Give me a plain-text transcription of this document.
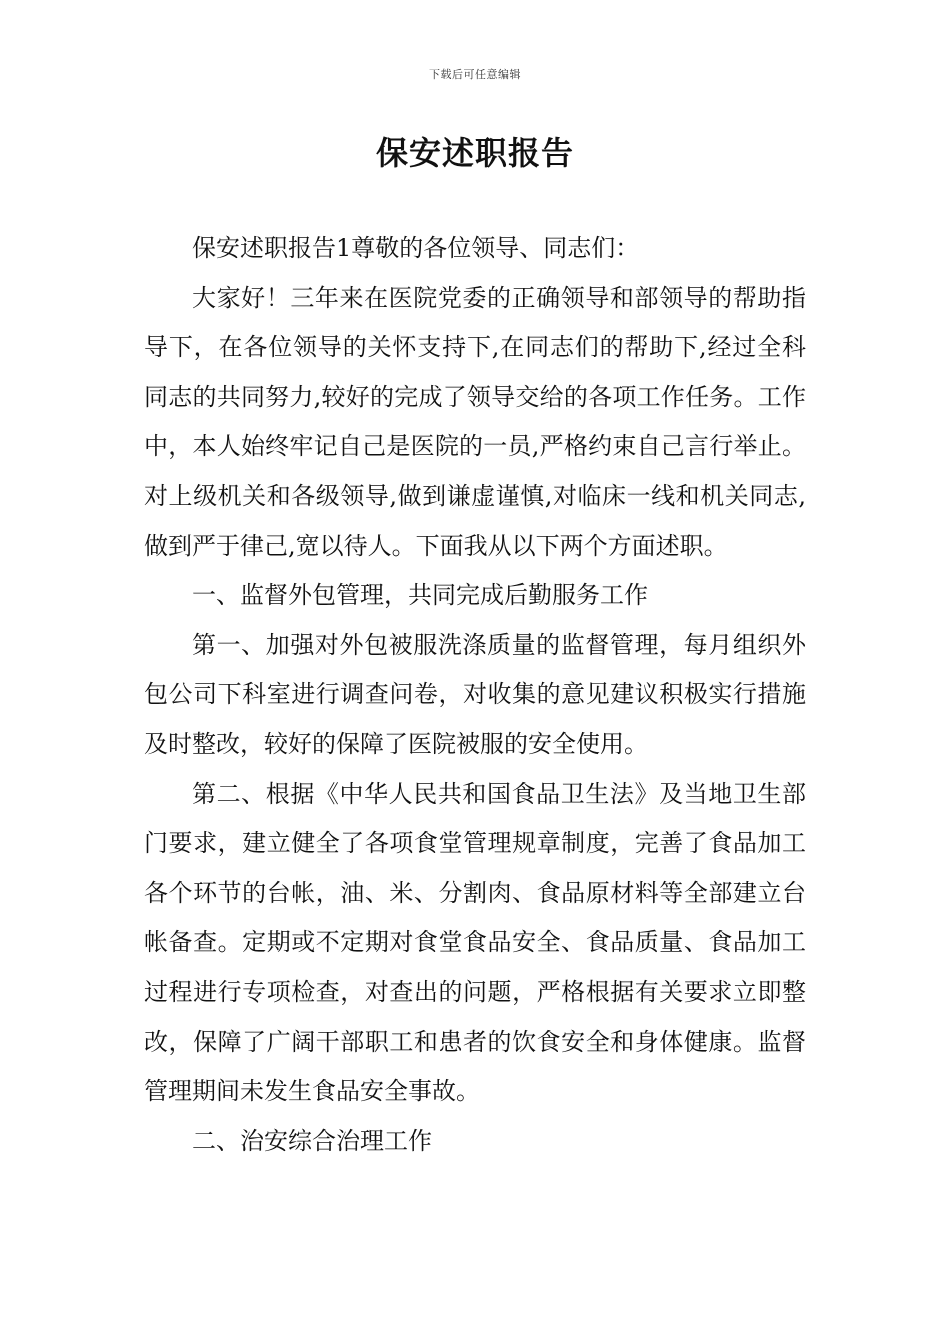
下载后可任意编辑
保安述职报告

保安述职报告1尊敬的各位领导、同志们：

大家好！三年来在医院党委的正确领导和部领导的帮助指导下，在各位领导的关怀支持下,在同志们的帮助下,经过全科同志的共同努力,较好的完成了领导交给的各项工作任务。工作中，本人始终牢记自己是医院的一员,严格约束自己言行举止。对上级机关和各级领导,做到谦虚谨慎,对临床一线和机关同志,做到严于律己,宽以待人。下面我从以下两个方面述职。

一、监督外包管理，共同完成后勤服务工作

第一、加强对外包被服洗涤质量的监督管理，每月组织外包公司下科室进行调查问卷，对收集的意见建议积极实行措施及时整改，较好的保障了医院被服的安全使用。

第二、根据《中华人民共和国食品卫生法》及当地卫生部门要求，建立健全了各项食堂管理规章制度，完善了食品加工各个环节的台帐，油、米、分割肉、食品原材料等全部建立台帐备查。定期或不定期对食堂食品安全、食品质量、食品加工过程进行专项检查，对查出的问题，严格根据有关要求立即整改，保障了广阔干部职工和患者的饮食安全和身体健康。监督管理期间未发生食品安全事故。

二、治安综合治理工作
